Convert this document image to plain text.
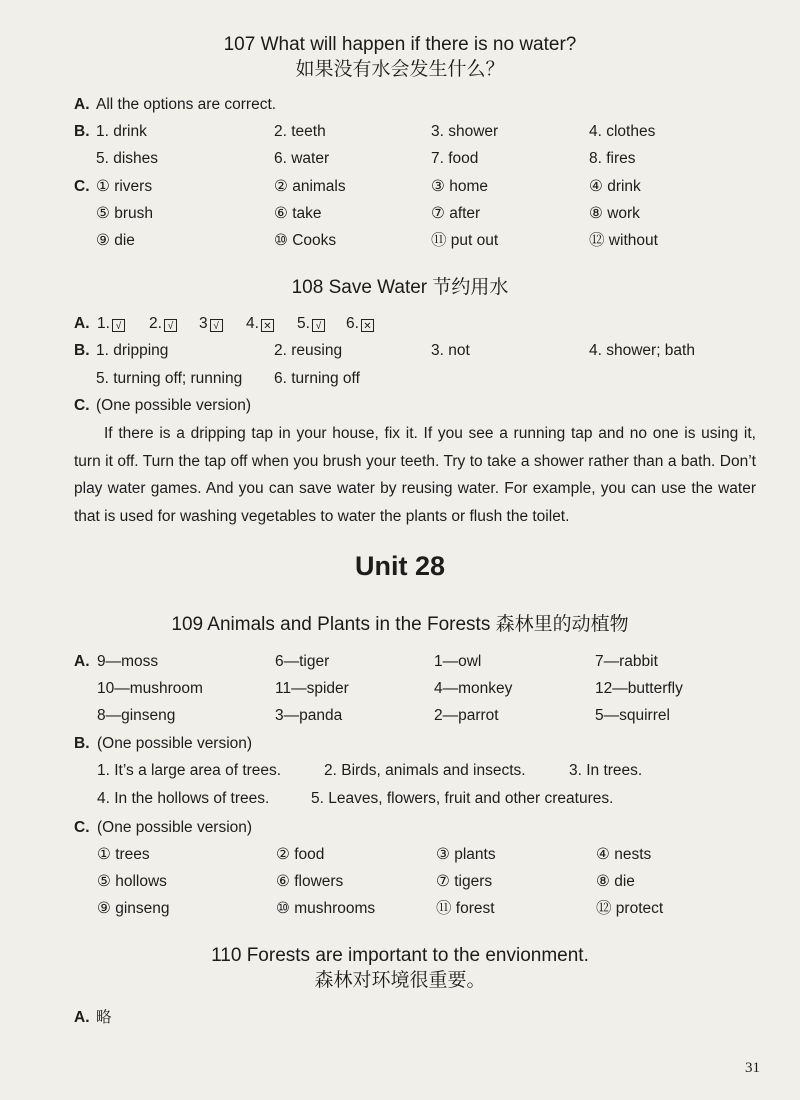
107 What will happen if there is no water?
如果没有水会发生什么？
A. All the options are correct.
B. 1. drink	2. teeth	3. shower	4. clothes
5. dishes	6. water	7. food	8. fires
C. ① rivers	② animals	③ home	④ drink
⑤ brush	⑥ take	⑦ after	⑧ work
⑨ die	⑩ Cooks	⑪ put out	⑫ without
108 Save Water 节约用水
A. 1. √ 2. √ 3 √ 4. ✕ 5. √ 6. ✕
B. 1. dripping	2. reusing	3. not	4. shower; bath
5. turning off; running 6. turning off
C. (One possible version)
If there is a dripping tap in your house, fix it. If you see a running tap and no one is using it, turn it off. Turn the tap off when you brush your teeth. Try to take a shower rather than a bath. Don’t play water games. And you can save water by reusing water. For example, you can use the water that is used for washing vegetables to water the plants or flush the toilet.
Unit 28
109 Animals and Plants in the Forests 森林里的动植物
A. 9—moss	6—tiger	1—owl	7—rabbit
10—mushroom	11—spider	4—monkey	12—butterfly
8—ginseng	3—panda	2—parrot	5—squirrel
B. (One possible version)
1. It’s a large area of trees.	2. Birds, animals and insects.	3. In trees.
4. In the hollows of trees.	5. Leaves, flowers, fruit and other creatures.
C. (One possible version)
① trees	② food	③ plants	④ nests
⑤ hollows	⑥ flowers	⑦ tigers	⑧ die
⑨ ginseng	⑩ mushrooms	⑪ forest	⑫ protect
110 Forests are important to the envionment.
森林对环境很重要。
A. 略
31
